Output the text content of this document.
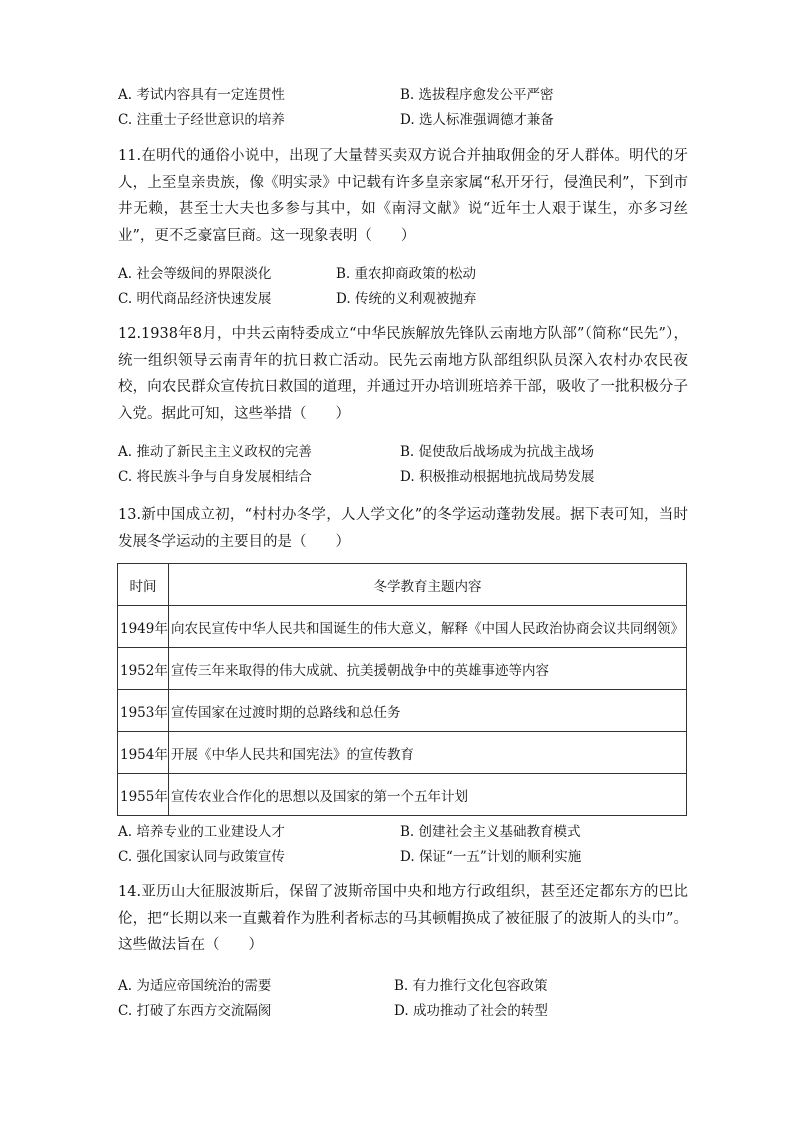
A. 考试内容具有一定连贯性	B. 选拔程序愈发公平严密
C. 注重士子经世意识的培养	D. 选人标准强调德才兼备
11.在明代的通俗小说中，出现了大量替买卖双方说合并抽取佣金的牙人群体。明代的牙人，上至皇亲贵族，像《明实录》中记载有许多皇亲家属“私开牙行，侵渔民利”，下到市井无赖，甚至士大夫也多参与其中，如《南浔文献》说“近年士人艰于谋生，亦多习丝业”，更不乏豪富巨商。这一现象表明（　　）
A. 社会等级间的界限淡化	B. 重农抑商政策的松动
C. 明代商品经济快速发展	D. 传统的义利观被抛弃
12.1938年8月，中共云南特委成立“中华民族解放先锋队云南地方队部”（简称“民先”），统一组织领导云南青年的抗日救亡活动。民先云南地方队部组织队员深入农村办农民夜校，向农民群众宣传抗日救国的道理，并通过开办培训班培养干部，吸收了一批积极分子入党。据此可知，这些举措（　　）
A. 推动了新民主主义政权的完善	B. 促使敌后战场成为抗战主战场
C. 将民族斗争与自身发展相结合	D. 积极推动根据地抗战局势发展
13.新中国成立初，“村村办冬学，人人学文化”的冬学运动蓬勃发展。据下表可知，当时发展冬学运动的主要目的是（　　）
时间	冬学教育主题内容
1949年	向农民宣传中华人民共和国诞生的伟大意义，解释《中国人民政治协商会议共同纲领》
1952年	宣传三年来取得的伟大成就、抗美援朝战争中的英雄事迹等内容
1953年	宣传国家在过渡时期的总路线和总任务
1954年	开展《中华人民共和国宪法》的宣传教育
1955年	宣传农业合作化的思想以及国家的第一个五年计划
A. 培养专业的工业建设人才	B. 创建社会主义基础教育模式
C. 强化国家认同与政策宣传	D. 保证“一五”计划的顺利实施
14.亚历山大征服波斯后，保留了波斯帝国中央和地方行政组织，甚至还定都东方的巴比伦，把“长期以来一直戴着作为胜利者标志的马其顿帽换成了被征服了的波斯人的头巾”。这些做法旨在（　　）
A. 为适应帝国统治的需要	B. 有力推行文化包容政策
C. 打破了东西方交流隔阂	D. 成功推动了社会的转型
